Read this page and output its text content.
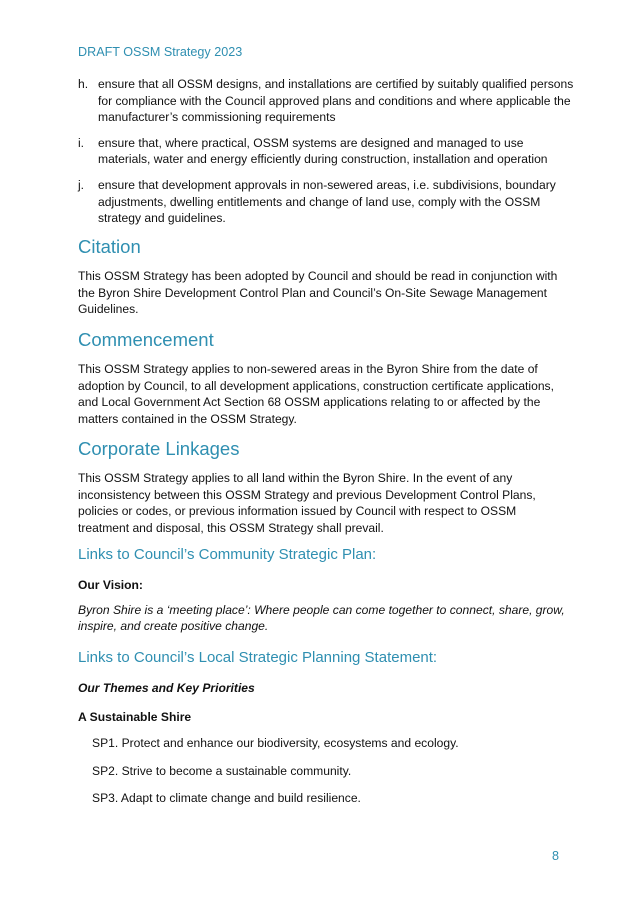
DRAFT OSSM Strategy 2023
h. ensure that all OSSM designs, and installations are certified by suitably qualified persons for compliance with the Council approved plans and conditions and where applicable the manufacturer’s commissioning requirements
i. ensure that, where practical, OSSM systems are designed and managed to use materials, water and energy efficiently during construction, installation and operation
j. ensure that development approvals in non-sewered areas, i.e. subdivisions, boundary adjustments, dwelling entitlements and change of land use, comply with the OSSM strategy and guidelines.
Citation

This OSSM Strategy has been adopted by Council and should be read in conjunction with the Byron Shire Development Control Plan and Council’s On-Site Sewage Management Guidelines.

Commencement

This OSSM Strategy applies to non-sewered areas in the Byron Shire from the date of adoption by Council, to all development applications, construction certificate applications, and Local Government Act Section 68 OSSM applications relating to or affected by the matters contained in the OSSM Strategy.

Corporate Linkages

This OSSM Strategy applies to all land within the Byron Shire. In the event of any inconsistency between this OSSM Strategy and previous Development Control Plans, policies or codes, or previous information issued by Council with respect to OSSM treatment and disposal, this OSSM Strategy shall prevail.

Links to Council’s Community Strategic Plan:

Our Vision:

Byron Shire is a ‘meeting place’: Where people can come together to connect, share, grow, inspire, and create positive change.

Links to Council’s Local Strategic Planning Statement:

Our Themes and Key Priorities

A Sustainable Shire

SP1. Protect and enhance our biodiversity, ecosystems and ecology.
SP2. Strive to become a sustainable community.
SP3. Adapt to climate change and build resilience.
8
